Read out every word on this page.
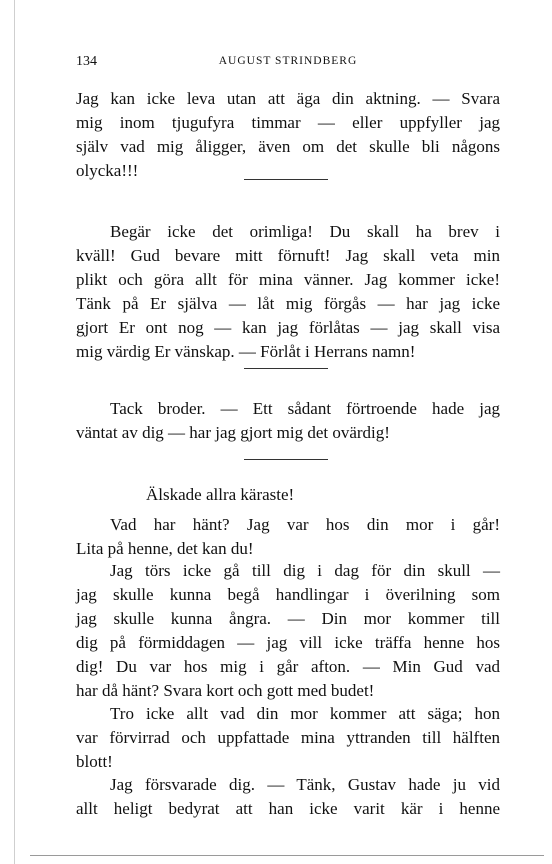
134	AUGUST STRINDBERG
Jag kan icke leva utan att äga din aktning. — Svara
mig inom tjugufyra timmar — eller uppfyller jag
själv vad mig åligger, även om det skulle bli någons
olycka!!!
Begär icke det orimliga! Du skall ha brev i
kväll! Gud bevare mitt förnuft! Jag skall veta min
plikt och göra allt för mina vänner. Jag kommer icke!
Tänk på Er själva — låt mig förgås — har jag icke
gjort Er ont nog — kan jag förlåtas — jag skall visa
mig värdig Er vänskap. — Förlåt i Herrans namn!
Tack broder. — Ett sådant förtroende hade jag
väntat av dig — har jag gjort mig det ovärdig!
Älskade allra käraste!
Vad har hänt? Jag var hos din mor i går!
Lita på henne, det kan du!
Jag törs icke gå till dig i dag för din skull —
jag skulle kunna begå handlingar i överilning som
jag skulle kunna ångra. — Din mor kommer till
dig på förmiddagen — jag vill icke träffa henne hos
dig! Du var hos mig i går afton. — Min Gud vad
har då hänt? Svara kort och gott med budet!
Tro icke allt vad din mor kommer att säga; hon
var förvirrad och uppfattade mina yttranden till hälften
blott!
Jag försvarade dig. — Tänk, Gustav hade ju vid
allt heligt bedyrat att han icke varit kär i henne
